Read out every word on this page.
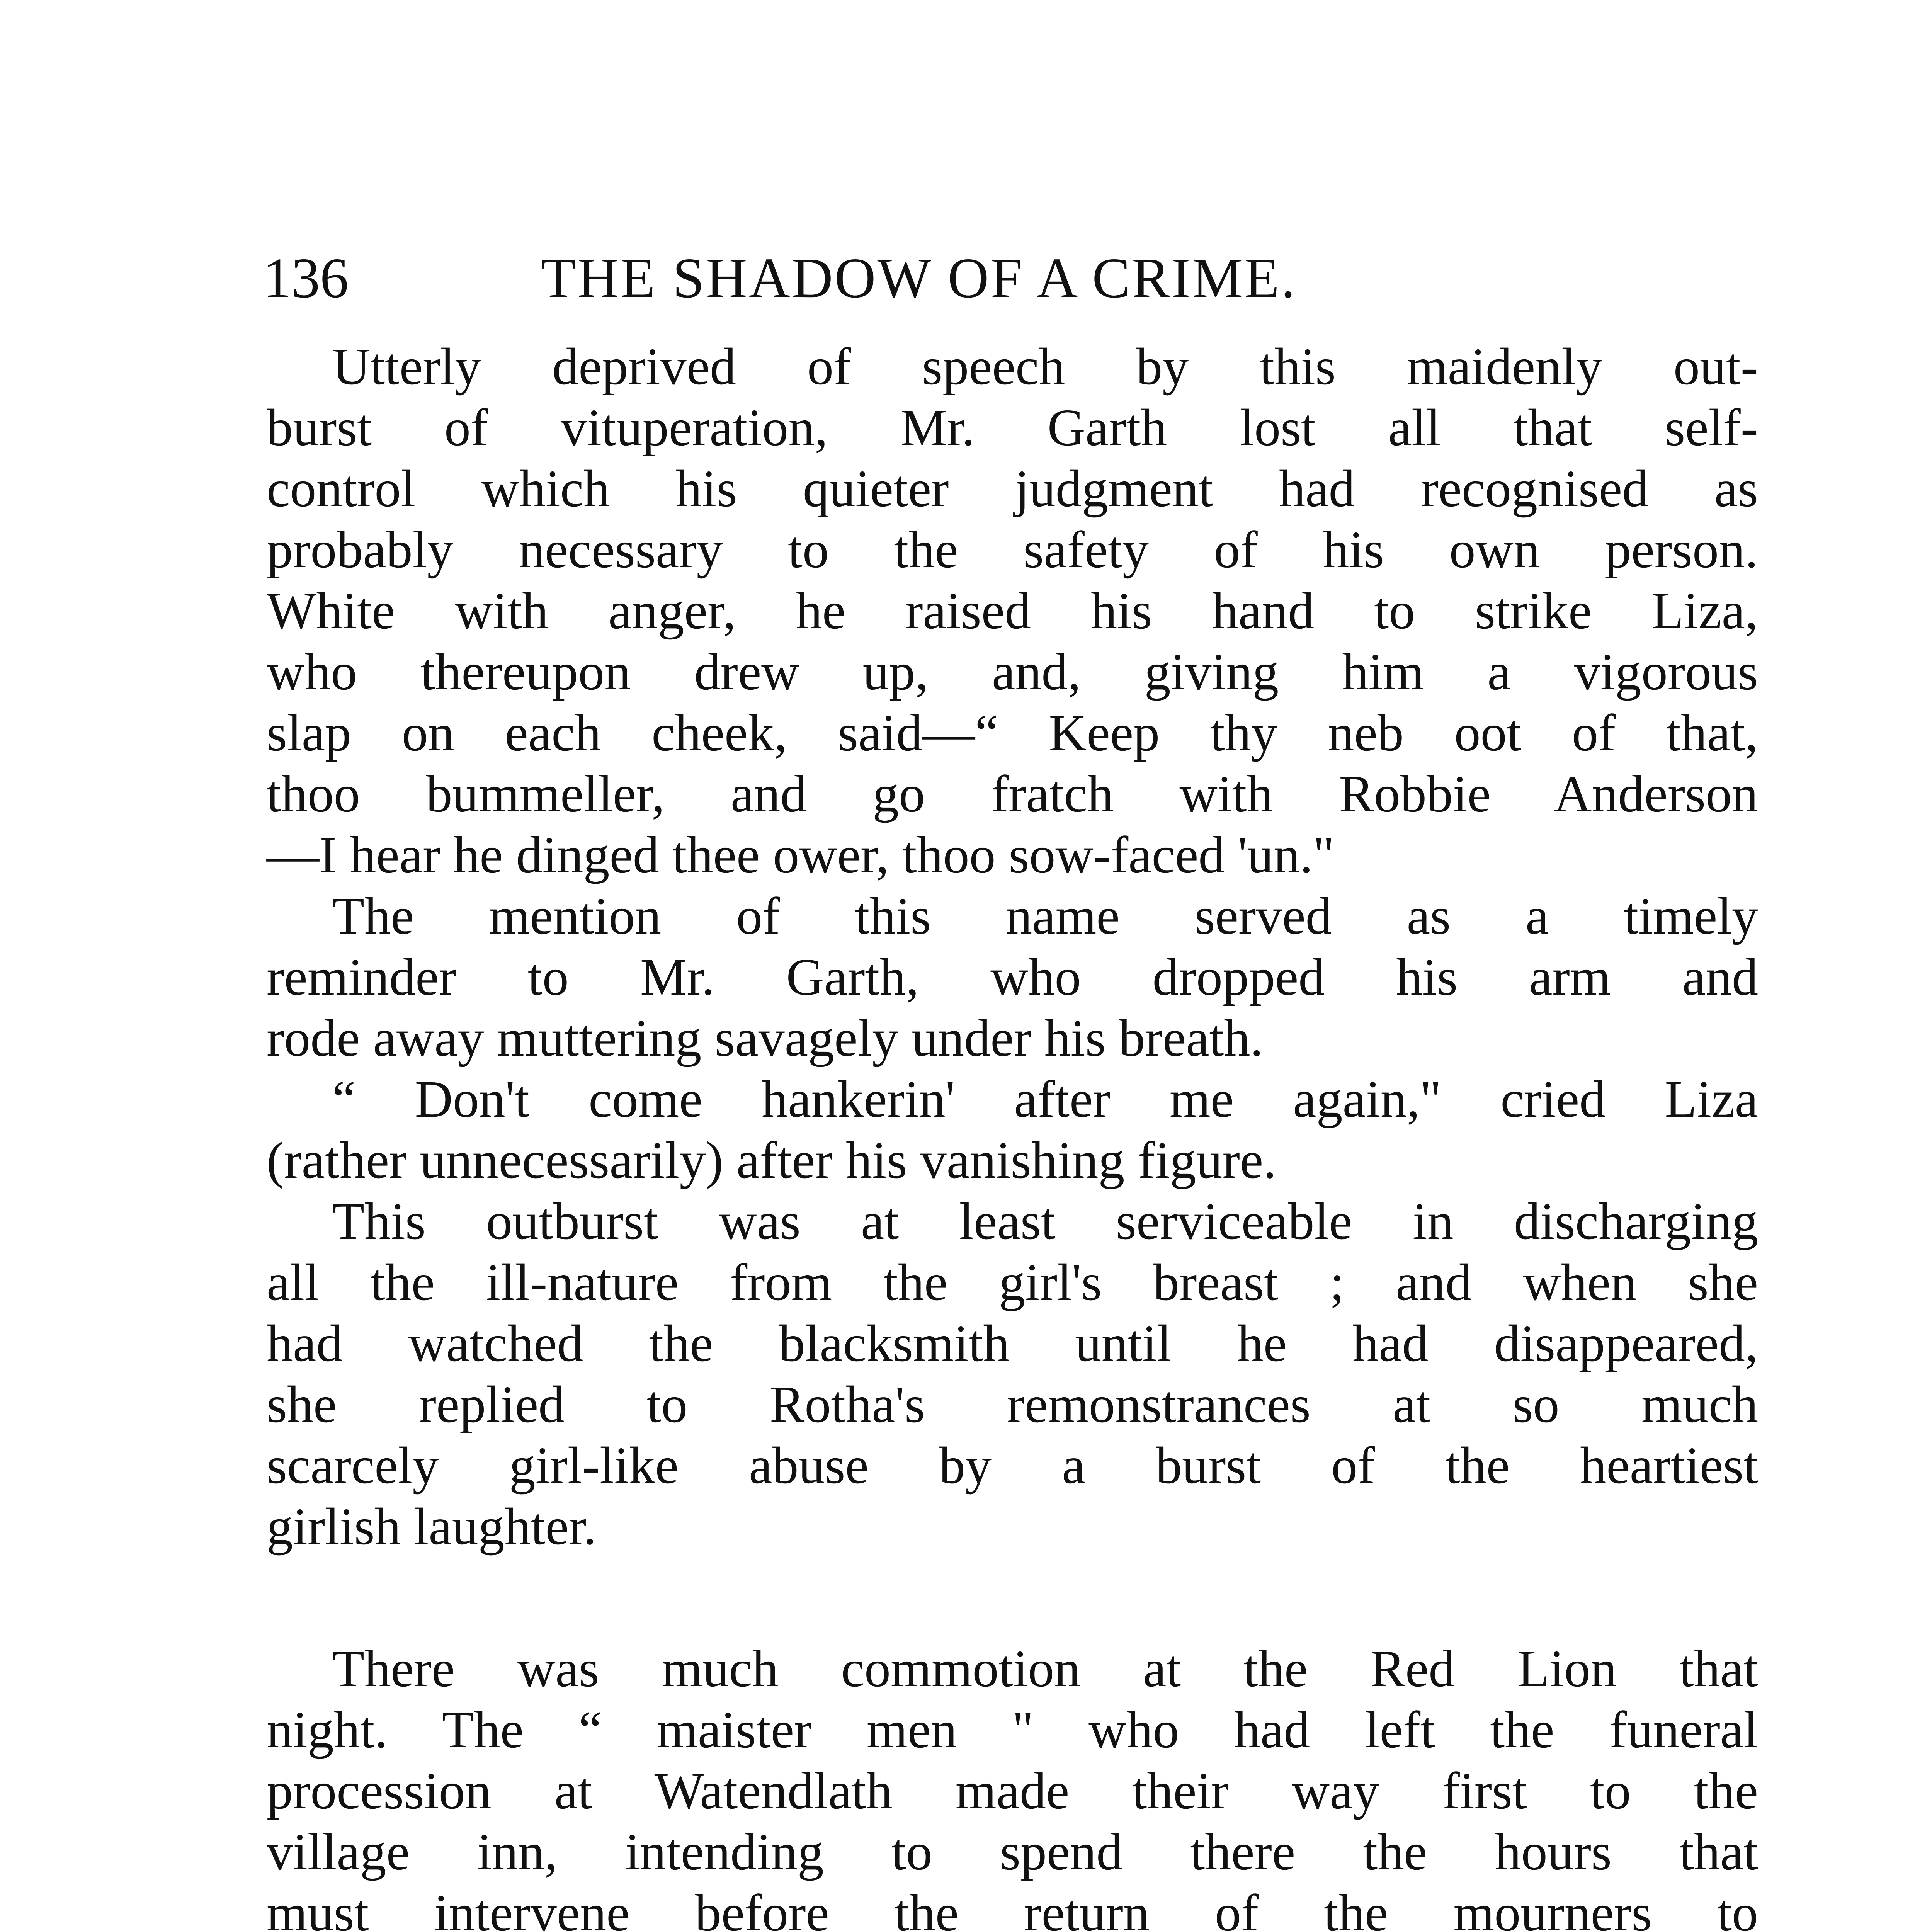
136	THE SHADOW OF A CRIME.
Utterly deprived of speech by this maidenly out-
burst of vituperation, Mr. Garth lost all that self-
control which his quieter judgment had recognised as
probably necessary to the safety of his own person.
White with anger, he raised his hand to strike Liza,
who thereupon drew up, and, giving him a vigorous
slap on each cheek, said—“ Keep thy neb oot of that,
thoo bummeller, and go fratch with Robbie Anderson
—I hear he dinged thee ower, thoo sow-faced 'un."
The mention of this name served as a timely
reminder to Mr. Garth, who dropped his arm and
rode away muttering savagely under his breath.
“ Don't come hankerin' after me again," cried Liza
(rather unnecessarily) after his vanishing figure.
This outburst was at least serviceable in discharging
all the ill-nature from the girl's breast ; and when she
had watched the blacksmith until he had disappeared,
she replied to Rotha's remonstrances at so much
scarcely girl-like abuse by a burst of the heartiest
girlish laughter.
There was much commotion at the Red Lion that
night. The “ maister men " who had left the funeral
procession at Watendlath made their way first to the
village inn, intending to spend there the hours that
must intervene before the return of the mourners to
